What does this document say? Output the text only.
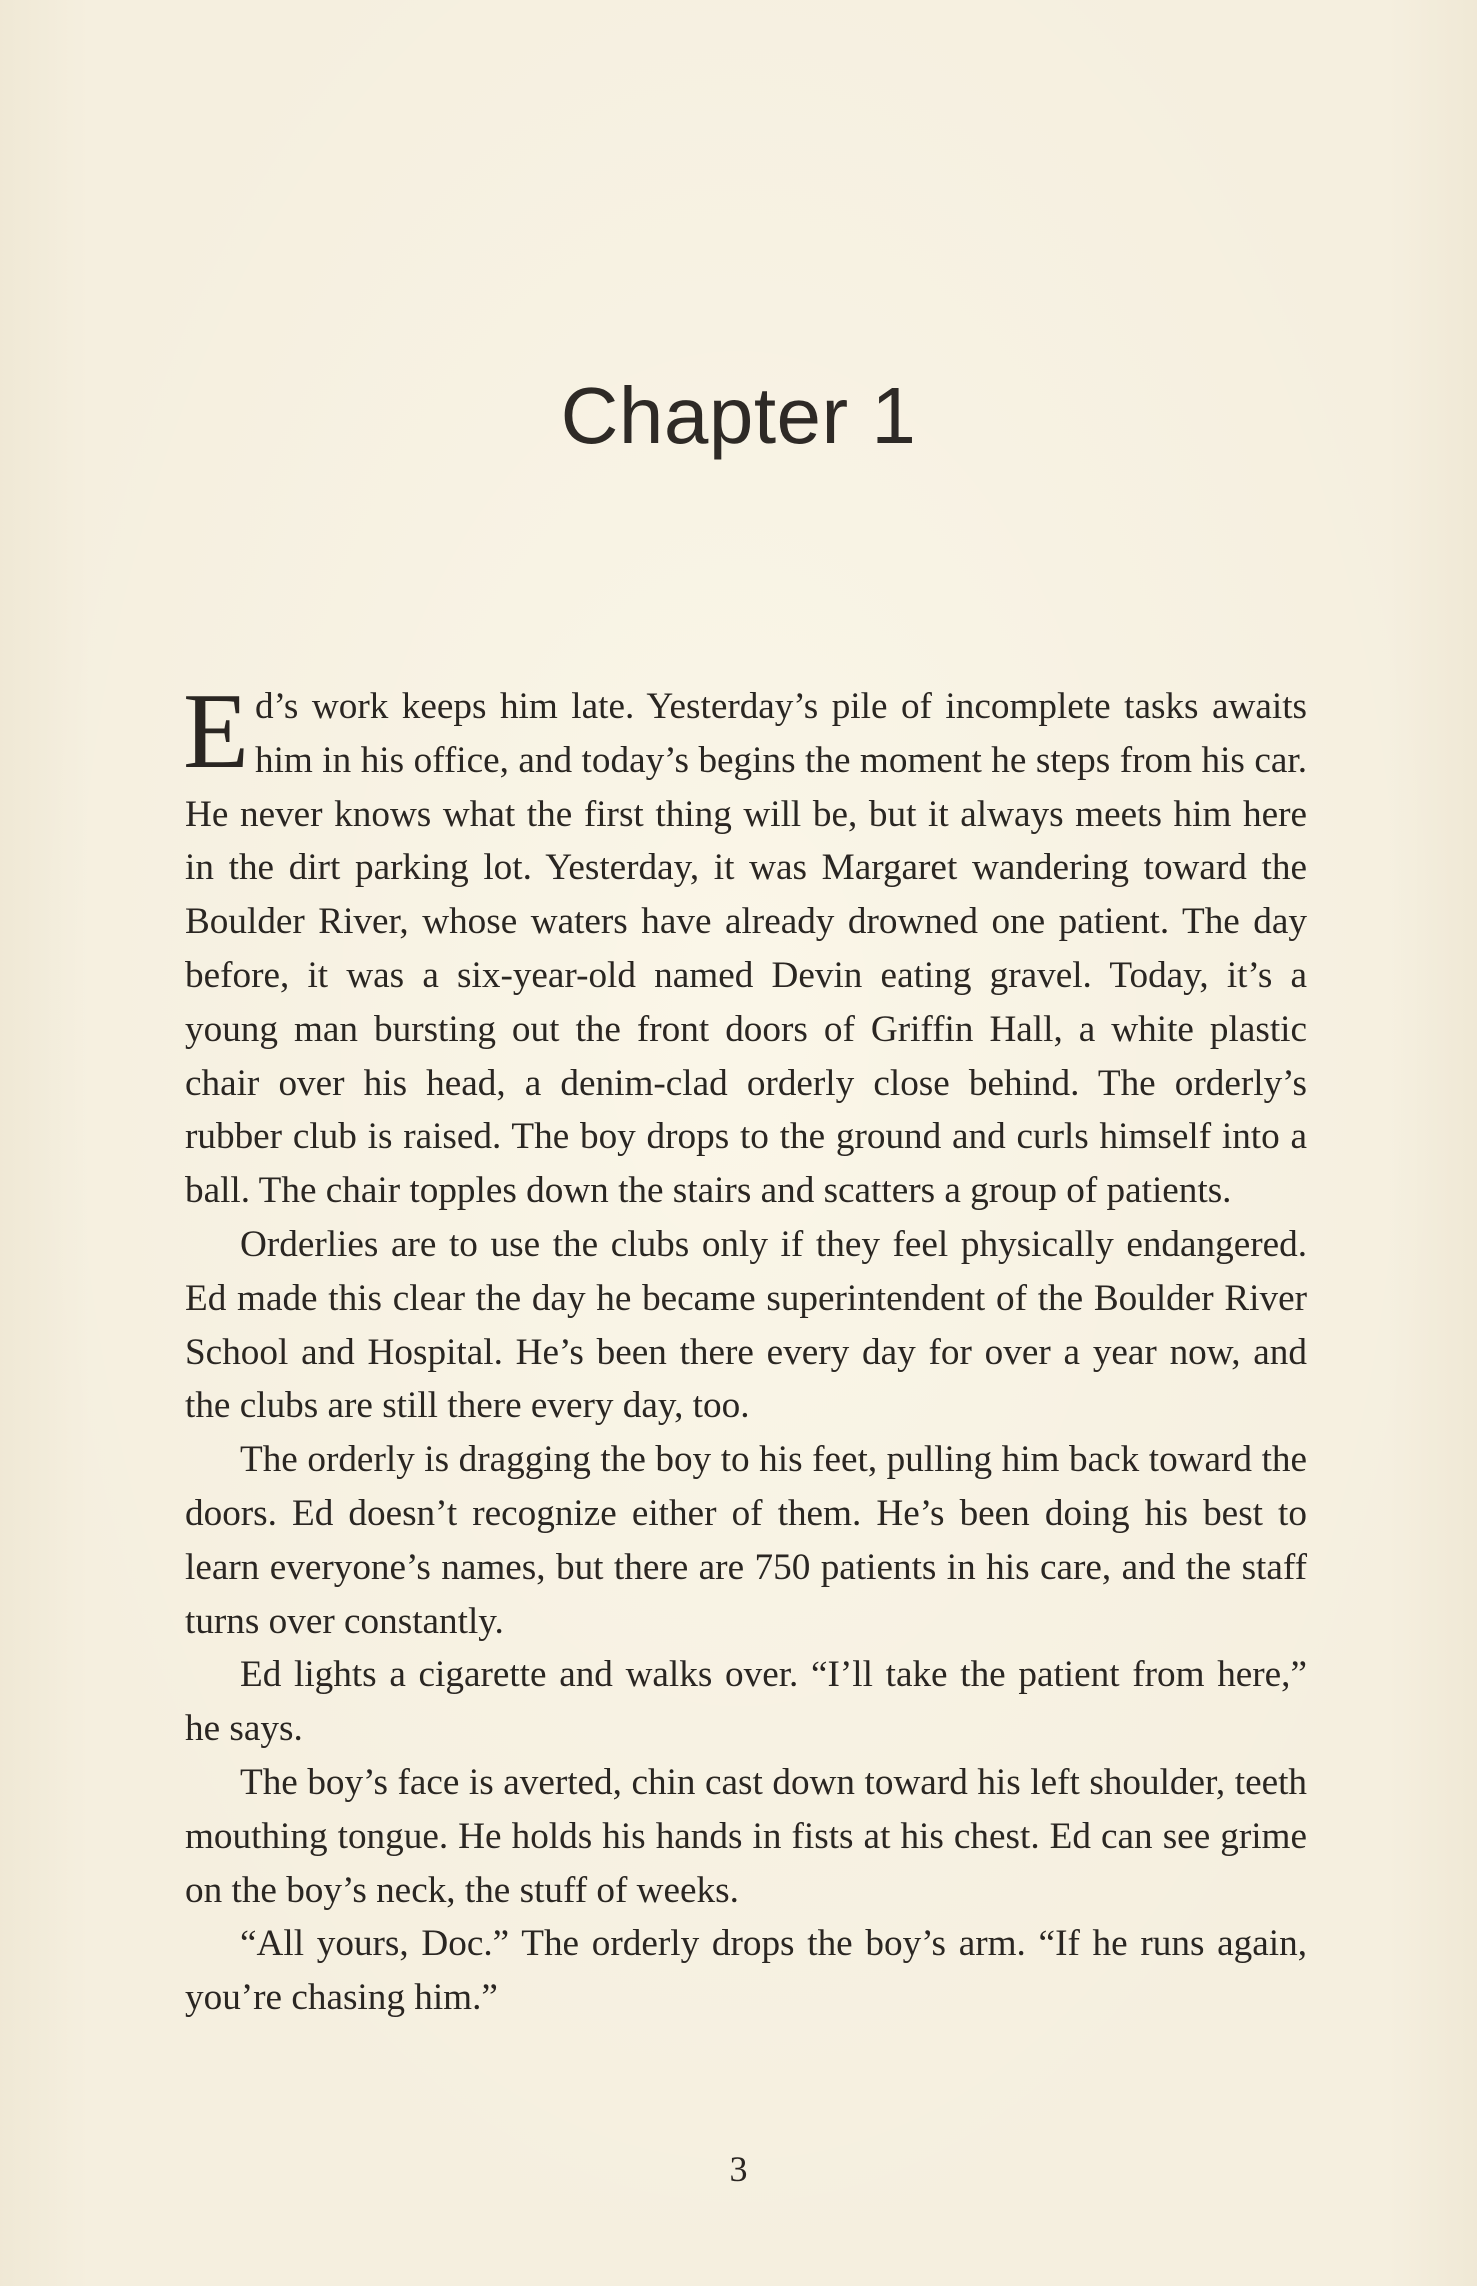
Chapter 1

Ed’s work keeps him late. Yesterday’s pile of incomplete tasks awaits him in his office, and today’s begins the moment he steps from his car. He never knows what the first thing will be, but it always meets him here in the dirt parking lot. Yesterday, it was Margaret wandering toward the Boulder River, whose waters have already drowned one patient. The day before, it was a six-year-old named Devin eating gravel. Today, it’s a young man bursting out the front doors of Griffin Hall, a white plastic chair over his head, a denim-clad orderly close behind. The orderly’s rubber club is raised. The boy drops to the ground and curls himself into a ball. The chair topples down the stairs and scatters a group of patients.

Orderlies are to use the clubs only if they feel physically endangered. Ed made this clear the day he became superintendent of the Boulder River School and Hospital. He’s been there every day for over a year now, and the clubs are still there every day, too.

The orderly is dragging the boy to his feet, pulling him back toward the doors. Ed doesn’t recognize either of them. He’s been doing his best to learn everyone’s names, but there are 750 patients in his care, and the staff turns over constantly.

Ed lights a cigarette and walks over. “I’ll take the patient from here,” he says.

The boy’s face is averted, chin cast down toward his left shoulder, teeth mouthing tongue. He holds his hands in fists at his chest. Ed can see grime on the boy’s neck, the stuff of weeks.

“All yours, Doc.” The orderly drops the boy’s arm. “If he runs again, you’re chasing him.”

3
